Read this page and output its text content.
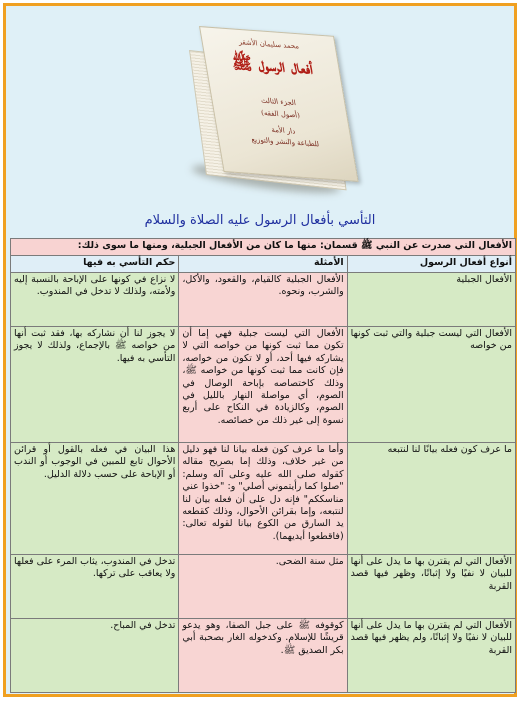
محمد سليمان الأشقر
أفعال الرسول ﷺ
الجزء الثالث
(أصول الفقه)
دار الأمة
للطباعة والنشر والتوزيع
التأسي بأفعال الرسول عليه الصلاة والسلام
الأفعال التي صدرت عن النبي ﷺ قسمان: منها ما كان من الأفعال الجبلية، ومنها ما سوى ذلك:		
أنواع أفعال الرسول	الأمثلة	حكم التأسي به فيها
الأفعال الجبلية	الأفعال الجبلية كالقيام، والقعود، والأكل، والشرب، ونحوه.	لا نزاع في كونها على الإباحة بالنسبة إليه ولأمته، ولذلك لا تدخل في المندوب.
الأفعال التي ليست جبلية والتي ثبت كونها من خواصه	الأفعال التي ليست جبلية فهي إما أن تكون مما ثبت كونها من خواصه التي لا يشاركه فيها أحد، أو لا تكون من خواصه، فإن كانت مما ثبت كونها من خواصه ﷺ، وذلك كاختصاصه بإباحة الوصال في الصوم، أي مواصلة النهار بالليل في الصوم، وكالزيادة في النكاح على أربع نسوة إلى غير ذلك من خصائصه.	لا يجوز لنا أن نشاركه بها، فقد ثبت أنها من خواصه ﷺ بالإجماع، ولذلك لا يجوز التأسي به فيها.
ما عرف كون فعله بيانًا لنا لنتبعه	وأما ما عرف كون فعله بيانا لنا فهو دليل من غير خلاف، وذلك إما بصريح مقاله كقوله صلى الله عليه وعلى آله وسلم: "صلوا كما رأيتموني أصلي" و: "خذوا عني مناسككم" فإنه دل على أن فعله بيان لنا لنتبعه، وإما بقرائن الأحوال، وذلك كقطعه يد السارق من الكوع بيانا لقوله تعالى: (فاقطعوا أيديهما).	هذا البيان في فعله بالقول أو قرائن الأحوال تابع للمبين في الوجوب أو الندب أو الإباحة على حسب دلالة الدليل.
الأفعال التي لم يقترن بها ما يدل على أنها للبيان لا نفيًا ولا إثباتًا، وظهر فيها قصد القربة	مثل سنة الضحى.	تدخل في المندوب، يثاب المرء على فعلها ولا يعاقب على تركها.
الأفعال التي لم يقترن بها ما يدل على أنها للبيان لا نفيًا ولا إثباتًا، ولم يظهر فيها قصد القربة	كوقوفه ﷺ على جبل الصفا، وهو يدعو قريشًا للإسلام. وكدخوله الغار بصحبة أبي بكر الصديق ﷺ.	تدخل في المباح.
